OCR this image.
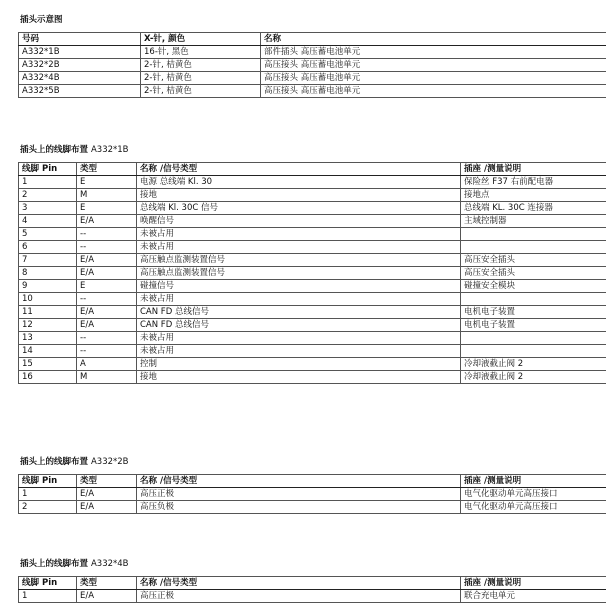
插头示意图
号码	X-针, 颜色	名称
A332*1B	16-针, 黑色	部件插头 高压蓄电池单元
A332*2B	2-针, 桔黄色	高压接头 高压蓄电池单元
A332*4B	2-针, 桔黄色	高压接头 高压蓄电池单元
A332*5B	2-针, 桔黄色	高压接头 高压蓄电池单元
插头上的线脚布置 A332*1B
线脚 Pin	类型	名称 /信号类型	插座 /测量说明
1	E	电源 总线端 Kl. 30	保险丝 F37 右前配电器
2	M	接地	接地点
3	E	总线端 Kl. 30C 信号	总线端 KL. 30C 连接器
4	E/A	唤醒信号	主域控制器
5	--	未被占用	
6	--	未被占用	
7	E/A	高压触点监测装置信号	高压安全插头
8	E/A	高压触点监测装置信号	高压安全插头
9	E	碰撞信号	碰撞安全模块
10	--	未被占用	
11	E/A	CAN FD 总线信号	电机电子装置
12	E/A	CAN FD 总线信号	电机电子装置
13	--	未被占用	
14	--	未被占用	
15	A	控制	冷却液截止阀 2
16	M	接地	冷却液截止阀 2
插头上的线脚布置 A332*2B
线脚 Pin	类型	名称 /信号类型	插座 /测量说明
1	E/A	高压正极	电气化驱动单元高压接口
2	E/A	高压负极	电气化驱动单元高压接口
插头上的线脚布置 A332*4B
线脚 Pin	类型	名称 /信号类型	插座 /测量说明
1	E/A	高压正极	联合充电单元
